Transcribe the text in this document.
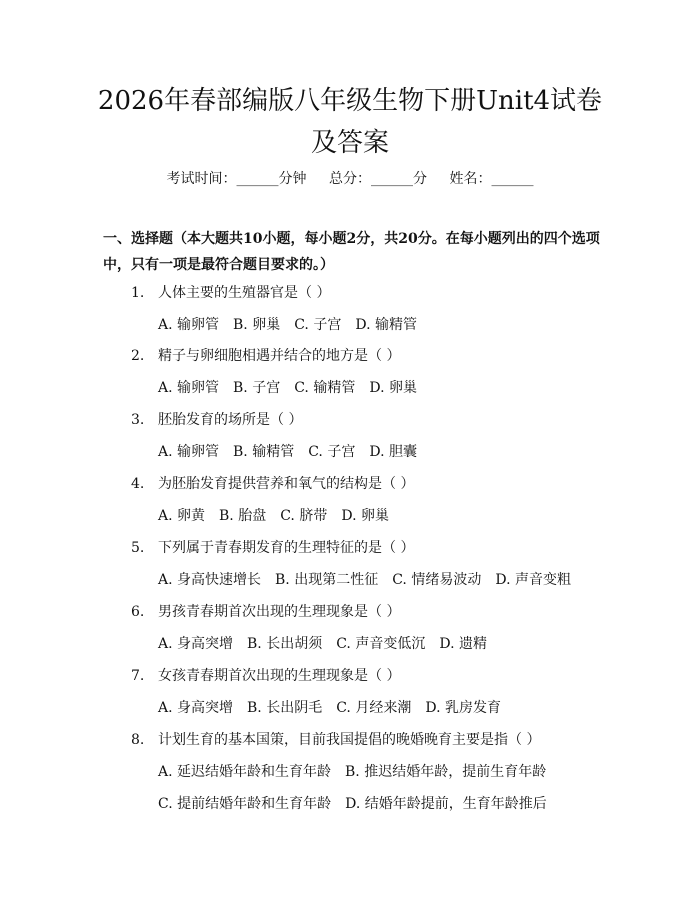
2026年春部编版八年级生物下册Unit4试卷
及答案
考试时间：______分钟 总分：______分 姓名：______
一、选择题（本大题共10小题，每小题2分，共20分。在每小题列出的四个选项中，只有一项是最符合题目要求的。）
1. 人体主要的生殖器官是（ ）
A. 输卵管 B. 卵巢 C. 子宫 D. 输精管
2. 精子与卵细胞相遇并结合的地方是（ ）
A. 输卵管 B. 子宫 C. 输精管 D. 卵巢
3. 胚胎发育的场所是（ ）
A. 输卵管 B. 输精管 C. 子宫 D. 胆囊
4. 为胚胎发育提供营养和氧气的结构是（ ）
A. 卵黄 B. 胎盘 C. 脐带 D. 卵巢
5. 下列属于青春期发育的生理特征的是（ ）
A. 身高快速增长 B. 出现第二性征 C. 情绪易波动 D. 声音变粗
6. 男孩青春期首次出现的生理现象是（ ）
A. 身高突增 B. 长出胡须 C. 声音变低沉 D. 遗精
7. 女孩青春期首次出现的生理现象是（ ）
A. 身高突增 B. 长出阴毛 C. 月经来潮 D. 乳房发育
8. 计划生育的基本国策，目前我国提倡的晚婚晚育主要是指（ ）
A. 延迟结婚年龄和生育年龄 B. 推迟结婚年龄，提前生育年龄
C. 提前结婚年龄和生育年龄 D. 结婚年龄提前，生育年龄推后
